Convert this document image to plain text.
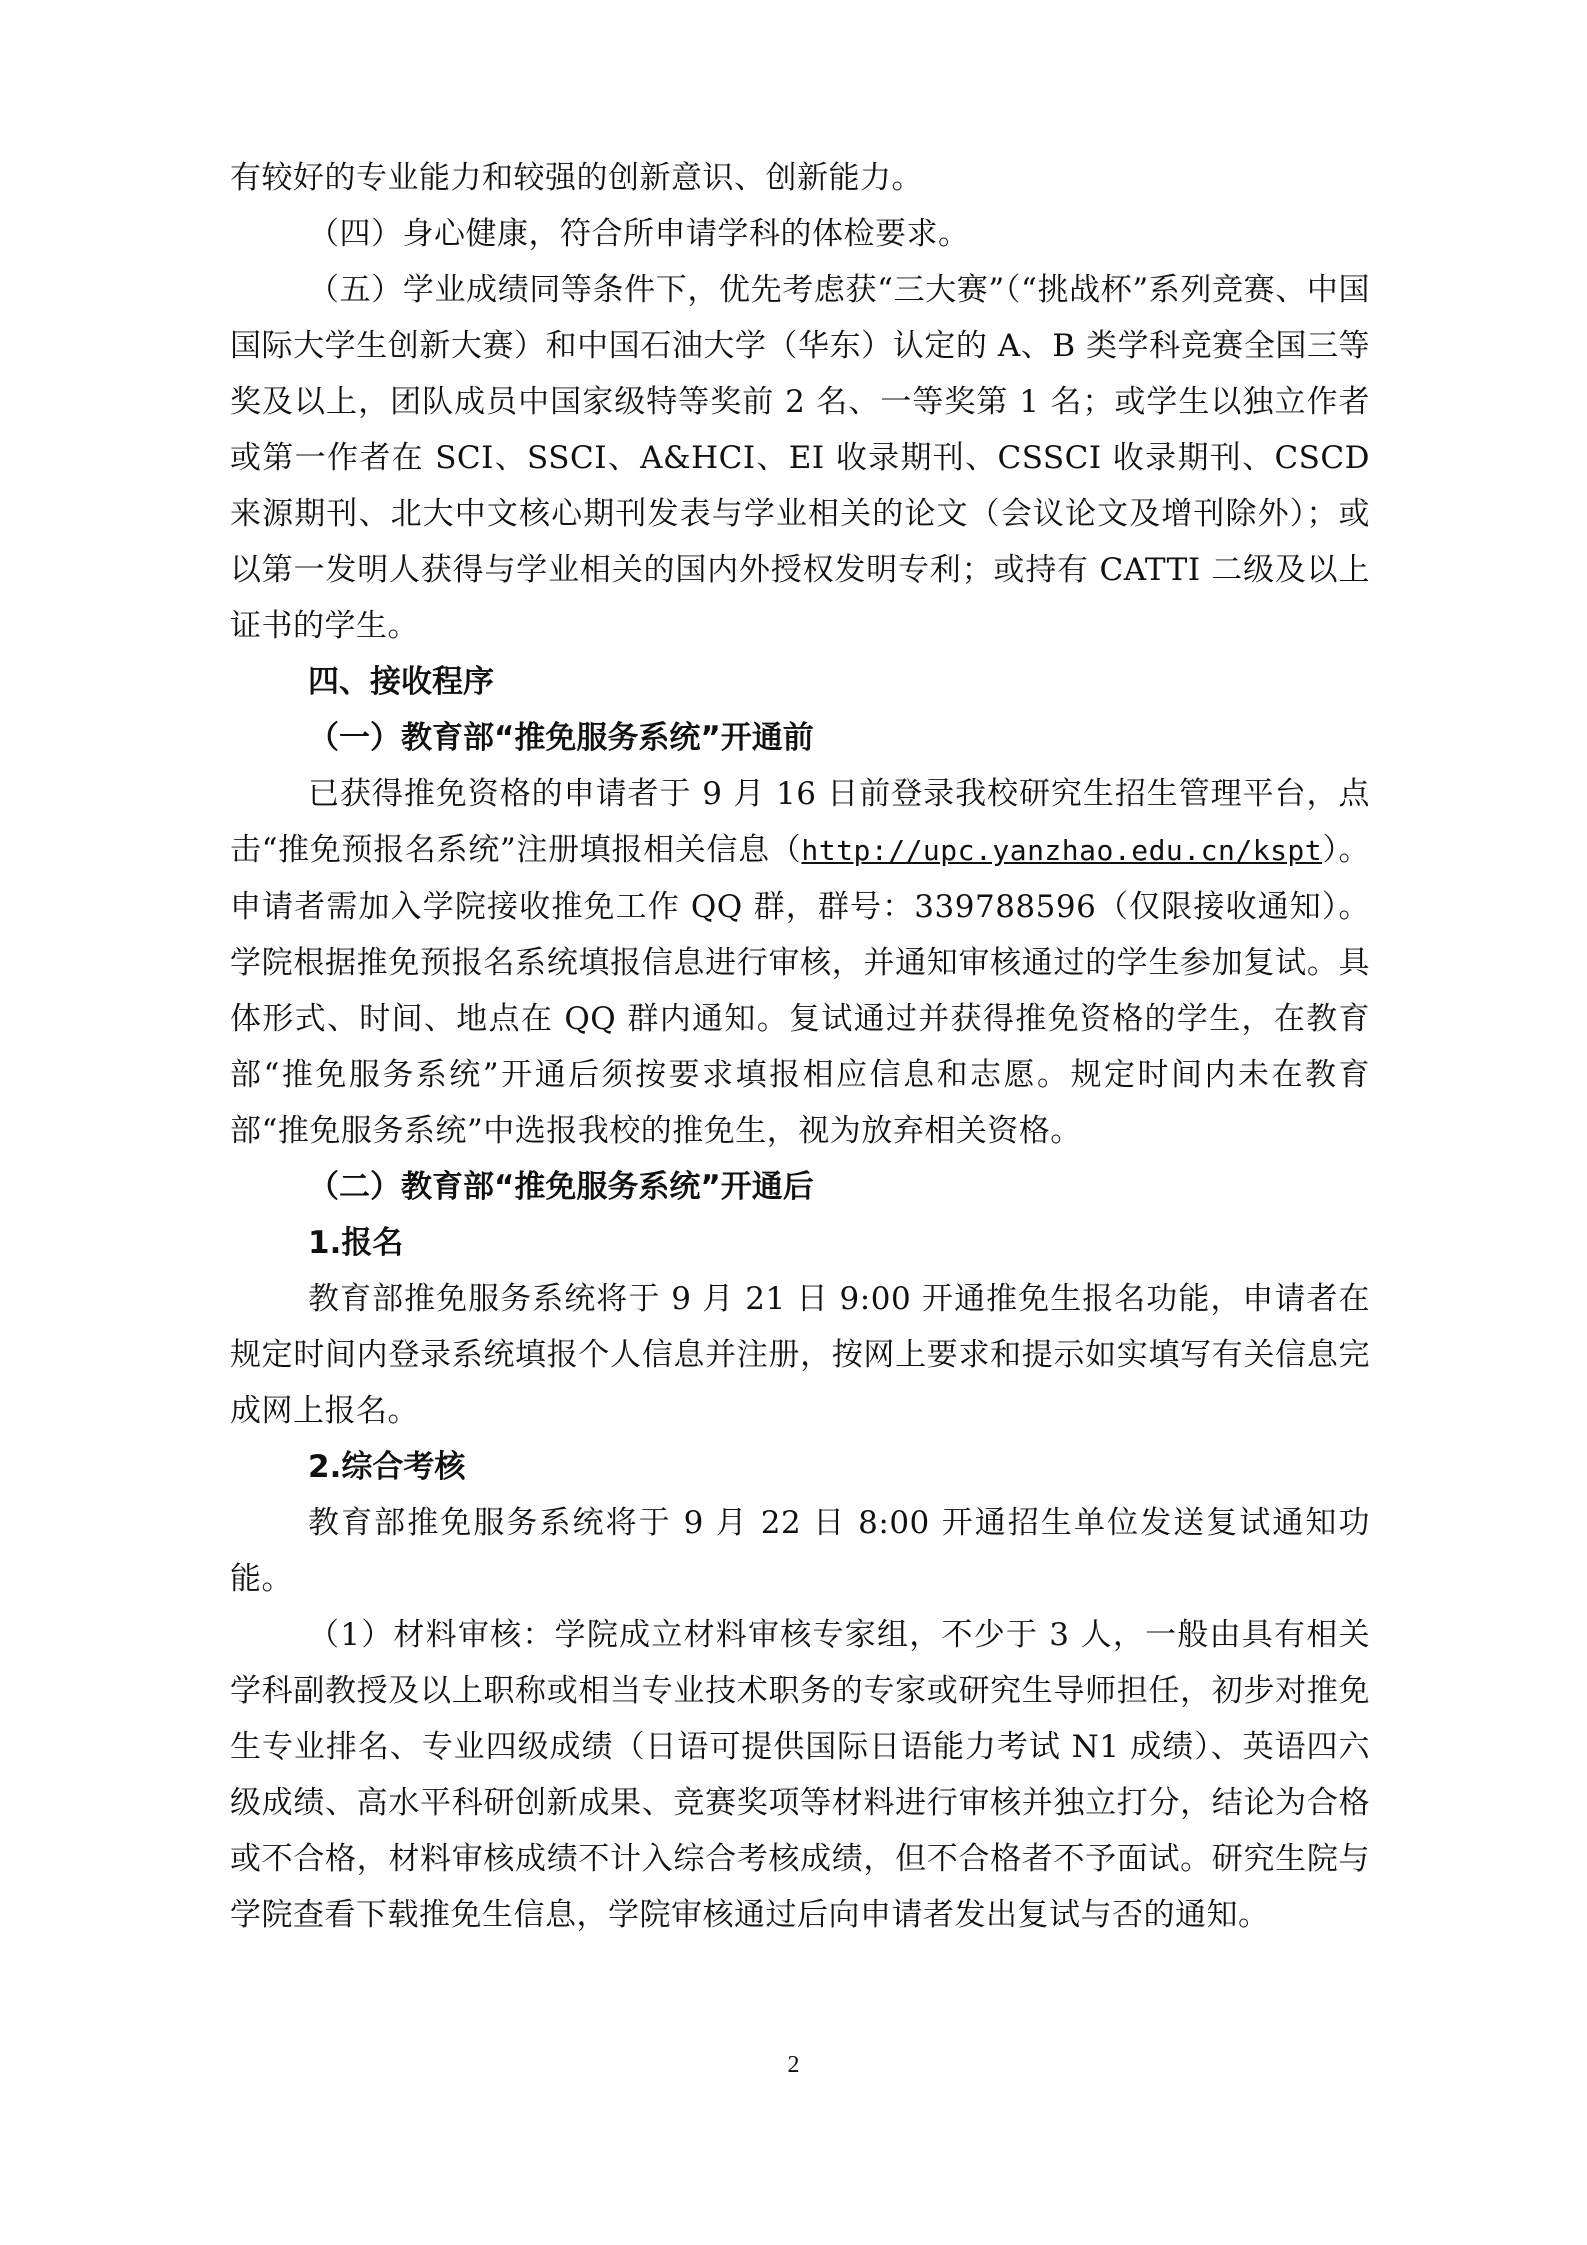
有较好的专业能力和较强的创新意识、创新能力。

（四）身心健康，符合所申请学科的体检要求。

（五）学业成绩同等条件下，优先考虑获“三大赛”（“挑战杯”系列竞赛、中国国际大学生创新大赛）和中国石油大学（华东）认定的 A、B 类学科竞赛全国三等奖及以上，团队成员中国家级特等奖前 2 名、一等奖第 1 名；或学生以独立作者或第一作者在 SCI、SSCI、A&HCI、EI 收录期刊、CSSCI 收录期刊、CSCD 来源期刊、北大中文核心期刊发表与学业相关的论文（会议论文及增刊除外）；或以第一发明人获得与学业相关的国内外授权发明专利；或持有 CATTI 二级及以上证书的学生。

四、接收程序

（一）教育部“推免服务系统”开通前

已获得推免资格的申请者于 9 月 16 日前登录我校研究生招生管理平台，点击“推免预报名系统”注册填报相关信息（http://upc.yanzhao.edu.cn/kspt）。申请者需加入学院接收推免工作 QQ 群，群号：339788596（仅限接收通知）。学院根据推免预报名系统填报信息进行审核，并通知审核通过的学生参加复试。具体形式、时间、地点在 QQ 群内通知。复试通过并获得推免资格的学生，在教育部“推免服务系统”开通后须按要求填报相应信息和志愿。规定时间内未在教育部“推免服务系统”中选报我校的推免生，视为放弃相关资格。

（二）教育部“推免服务系统”开通后

1.报名

教育部推免服务系统将于 9 月 21 日 9:00 开通推免生报名功能，申请者在规定时间内登录系统填报个人信息并注册，按网上要求和提示如实填写有关信息完成网上报名。

2.综合考核

教育部推免服务系统将于 9 月 22 日 8:00 开通招生单位发送复试通知功能。

（1）材料审核：学院成立材料审核专家组，不少于 3 人，一般由具有相关学科副教授及以上职称或相当专业技术职务的专家或研究生导师担任，初步对推免生专业排名、专业四级成绩（日语可提供国际日语能力考试 N1 成绩）、英语四六级成绩、高水平科研创新成果、竞赛奖项等材料进行审核并独立打分，结论为合格或不合格，材料审核成绩不计入综合考核成绩，但不合格者不予面试。研究生院与学院查看下载推免生信息，学院审核通过后向申请者发出复试与否的通知。

2
